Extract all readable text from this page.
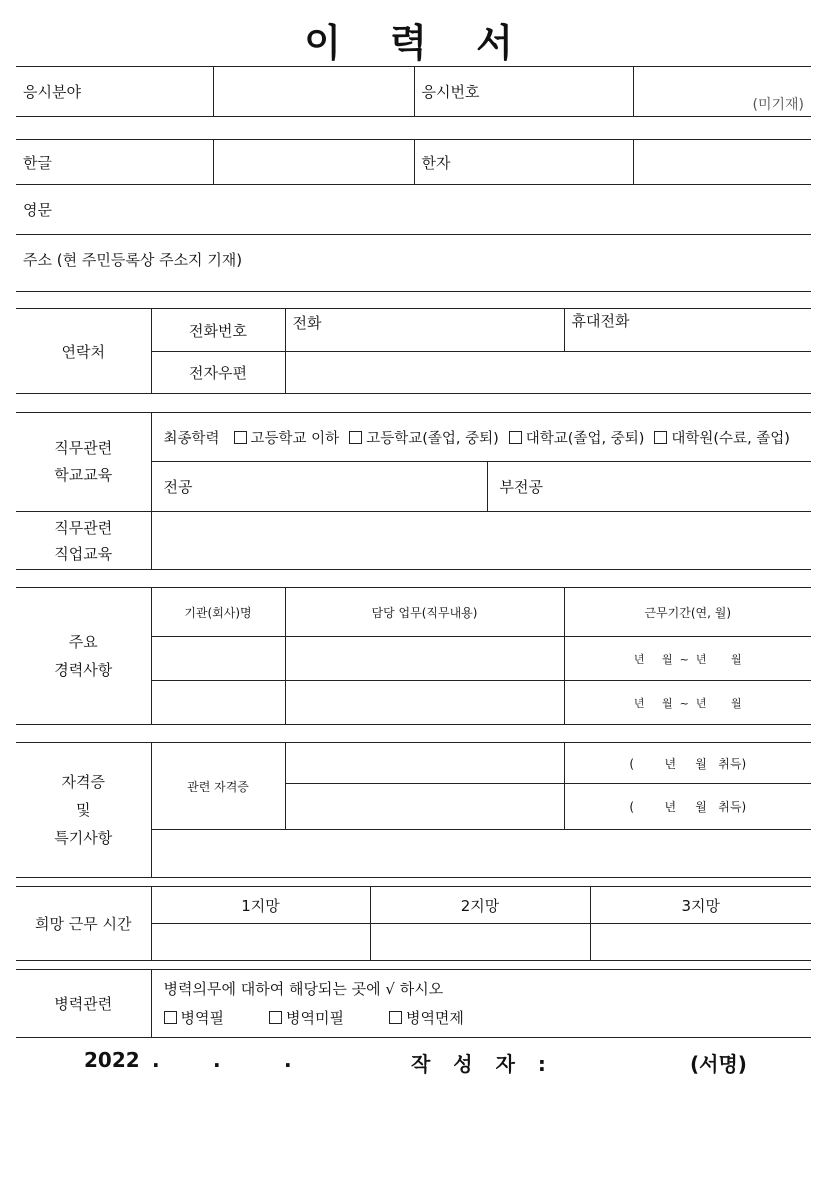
이 력 서
응시분야		응시번호	(미기재)
한글		한자	
영문
주소 (현 주민등록상 주소지 기재)
연락처	전화번호	전화	휴대전화
	전자우편		
직무관련
학교교육	최종학력 고등학교 이하 고등학교(졸업, 중퇴) 대학교(졸업, 중퇴) 대학원(수료, 졸업)	
	전공	부전공

직무관련
직업교육		

주요
경력사항	기관(회사)명	담당 업무(직무내용)	근무기간(연, 월)
			년     월  ~  년       월
			년     월  ~  년       월
자격증
및
특기사항	관련 자격증		(        년     월   취득)
			(        년     월   취득)

희망 근무 시간	1지망	2지망	3지망

병력관련	
병력의무에 대하여 해당되는 곳에 √ 하시오
병역필	병역미필	병역면제
2022 .	.	.	작 성 자 :	(서명)
